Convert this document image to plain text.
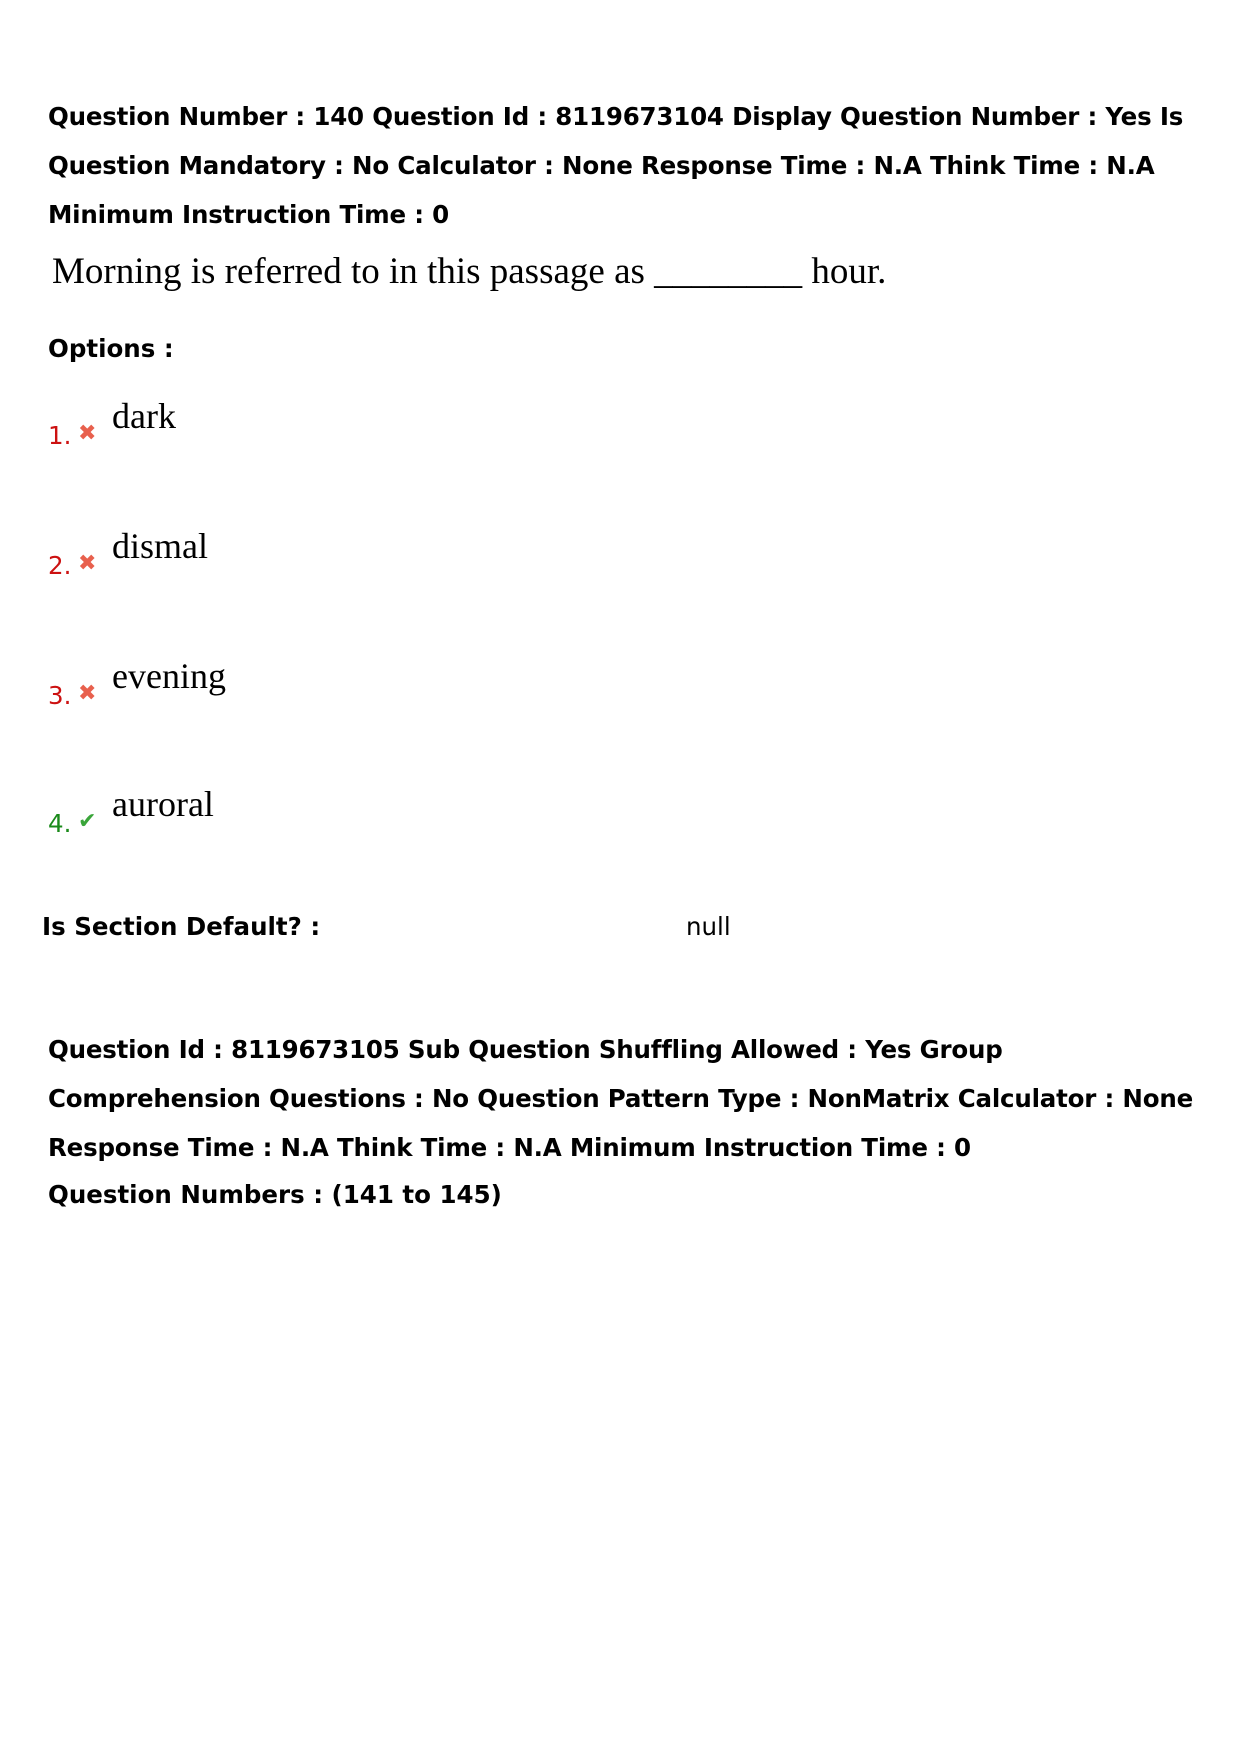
Question Number : 140 Question Id : 8119673104 Display Question Number : Yes Is Question Mandatory : No Calculator : None Response Time : N.A Think Time : N.A Minimum Instruction Time : 0
Morning is referred to in this passage as ________ hour.
Options :
1. ✖ dark
2. ✖ dismal
3. ✖ evening
4. ✔ auroral
Is Section Default? :	null
Question Id : 8119673105 Sub Question Shuffling Allowed : Yes Group Comprehension Questions : No Question Pattern Type : NonMatrix Calculator : None Response Time : N.A Think Time : N.A Minimum Instruction Time : 0
Question Numbers : (141 to 145)
